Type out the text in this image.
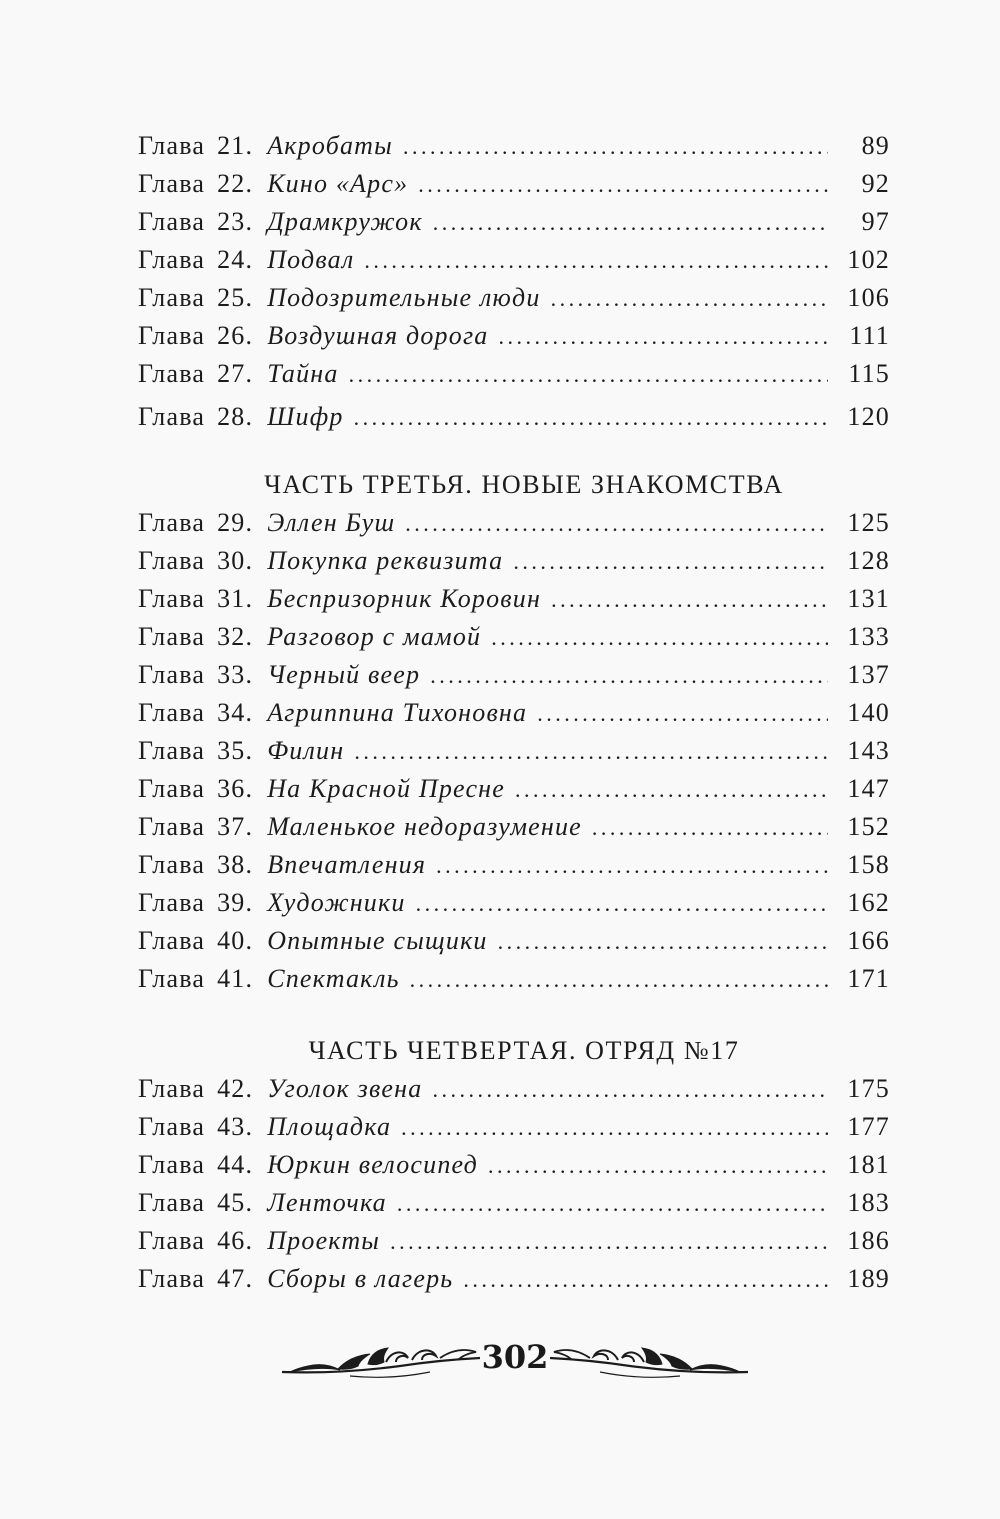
Глава 21. Акробаты . . .	89
Глава 22. Кино «Арс» . . .	92
Глава 23. Драмкружок . . .	97
Глава 24. Подвал . . .	102
Глава 25. Подозрительные люди . . .	106
Глава 26. Воздушная дорога . . .	111
Глава 27. Тайна . . .	115
Глава 28. Шифр . . .	120
ЧАСТЬ ТРЕТЬЯ. НОВЫЕ ЗНАКОМСТВА
Глава 29. Эллен Буш . . .	125
Глава 30. Покупка реквизита . . .	128
Глава 31. Беспризорник Коровин . . .	131
Глава 32. Разговор с мамой . . .	133
Глава 33. Черный веер . . .	137
Глава 34. Агриппина Тихоновна . . .	140
Глава 35. Филин . . .	143
Глава 36. На Красной Пресне . . .	147
Глава 37. Маленькое недоразумение . . .	152
Глава 38. Впечатления . . .	158
Глава 39. Художники . . .	162
Глава 40. Опытные сыщики . . .	166
Глава 41. Спектакль . . .	171
ЧАСТЬ ЧЕТВЕРТАЯ. ОТРЯД №17
Глава 42. Уголок звена . . .	175
Глава 43. Площадка . . .	177
Глава 44. Юркин велосипед . . .	181
Глава 45. Ленточка . . .	183
Глава 46. Проекты . . .	186
Глава 47. Сборы в лагерь . . .	189
302
